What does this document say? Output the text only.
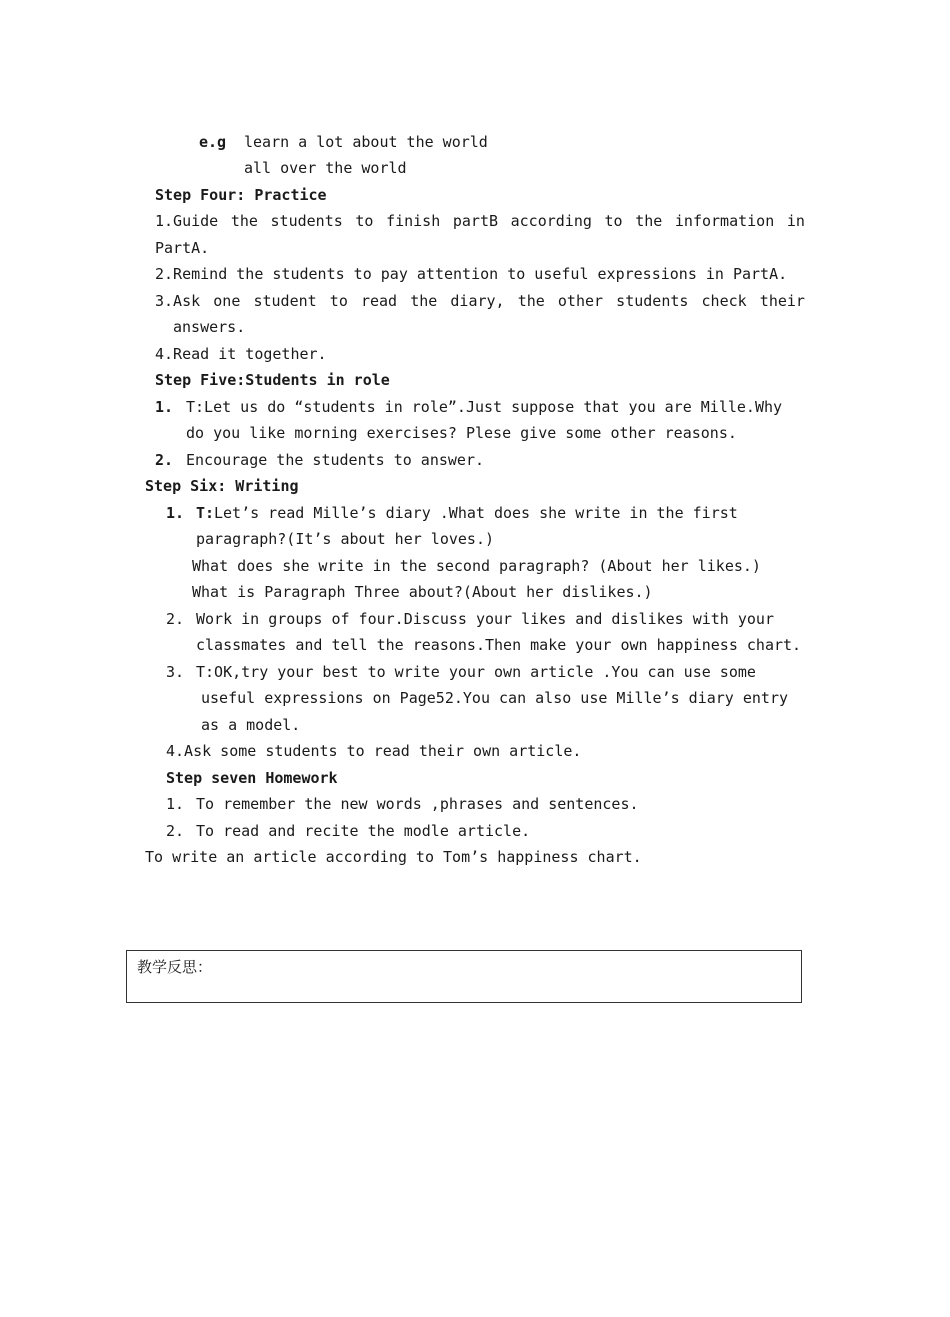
e.g learn a lot about the world
all over the world
Step Four: Practice
1.Guide the students to finish partB according to the information in
PartA.
2.Remind the students to pay attention to useful expressions in PartA.
3.Ask one student to read the diary, the other students check their
answers.
4.Read it together.
Step Five:Students in role
1. T:Let us do “students in role”.Just suppose that you are Mille.Why
do you like morning exercises? Plese give some other reasons.
2. Encourage the students to answer.
Step Six: Writing
1. T: Let’s read Mille’s diary .What does she write in the first
paragraph?(It’s about her loves.)
What does she write in the second paragraph? (About her likes.)
What is Paragraph Three about?(About her dislikes.)
2. Work in groups of four.Discuss your likes and dislikes with your
classmates and tell the reasons.Then make your own happiness chart.
3. T:OK,try your best to write your own article .You can use some
useful expressions on Page52.You can also use Mille’s diary entry
as a model.
4.Ask some students to read their own article.
Step seven Homework
1. To remember the new words ,phrases and sentences.
2. To read and recite the modle article.
To write an article according to Tom’s happiness chart.
教学反思：
